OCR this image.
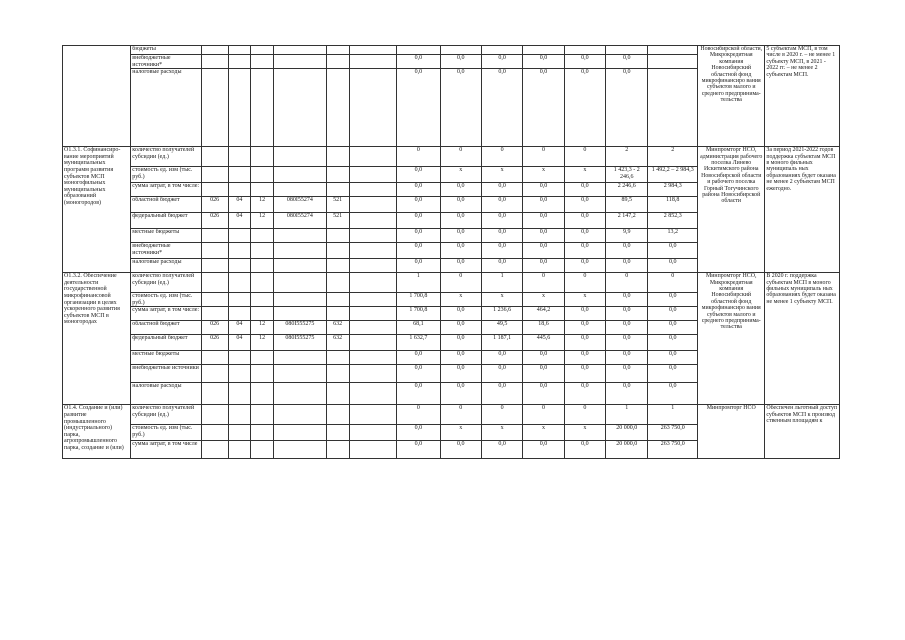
	бюджеты														Новосибирской области, Микрокредитная компания Новосибирский областной фонд микрофинансиро вания субъектов малого и среднего предпринима- тельства	5 субъектам МСП, в том числе в 2020 г. – не менее 1 субъекту МСП, в 2021 - 2022 гг. – не менее 2 субъектам МСП.
	внебюджетные источники*							0,0	0,0	0,0	0,0	0,0	0,0			
	налоговые расходы							0,0	0,0	0,0	0,0	0,0	0,0			
О1.3.1. Софинансиро- вание мероприятий муниципальных программ развития субъектов МСП моногофильных муниципальных образований (моногородов)	количество получателей субсидии (ед.)							0	0	0	0	0	2	2	Минпромторг НСО, администрация рабочего поселка Линево Искитимского района Новосибирской области и рабочего поселка Горный Тогучинского района Новосибирской области	За период 2021-2022 годов поддержка субъектам МСП в моного фильных муниципаль ных образованиях будет оказана не менее 2 субъектам МСП ежегодно.
	стоимость ед. изм (тыс. руб.)							0,0	x	x	x	x	1 423,3 - 2 246,6	1 492,2 – 2 984,3		
	сумма затрат, в том числе:							0,0	0,0	0,0	0,0	0,0	2 246,6	2 984,3		
	областной бюджет	026	04	12	080I55274	521		0,0	0,0	0,0	0,0	0,0	89,5	118,8		
	федеральный бюджет	026	04	12	080I55274	521		0,0	0,0	0,0	0,0	0,0	2 147,2	2 852,3		
	местные бюджеты							0,0	0,0	0,0	0,0	0,0	9,9	13,2		
	внебюджетные источники*							0,0	0,0	0,0	0,0	0,0	0,0	0,0		
	налоговые расходы							0,0	0,0	0,0	0,0	0,0	0,0	0,0		
О1.3.2. Обеспечение деятельности государственной микрофинансовой организации в целях ускоренного развития субъектов МСП в моногородах	количество получателей субсидии (ед.)							1	0	1	0	0	0	0	Минпромторг НСО, Микрокредитная компания Новосибирский областной фонд микрофинансиро вания субъектов малого и среднего предпринима- тельства	В 2020 г. поддержка субъектам МСП в моного фильных муниципаль ных образованиях будет оказана не менее 1 субъекту МСП.
	стоимость ед. изм (тыс. руб.)							1 700,8	x	x	x	x	0,0	0,0		
	сумма затрат, в том числе:							1 700,8	0,0	1 236,6	464,2	0,0	0,0	0,0		
	областной бюджет	026	04	12	080I555275	632		68,1	0,0	49,5	18,6	0,0	0,0	0,0		
	федеральный бюджет	026	04	12	080I555275	632		1 632,7	0,0	1 187,1	445,6	0,0	0,0	0,0		
	местные бюджеты							0,0	0,0	0,0	0,0	0,0	0,0	0,0		
	внебюджетные источники							0,0	0,0	0,0	0,0	0,0	0,0	0,0		
	налоговые расходы							0,0	0,0	0,0	0,0	0,0	0,0	0,0		
О1.4. Создание и (или) развитие промышленного (индустриального) парка, агропромышленного парка, создание и (или)	количество получателей субсидии (ед.)							0	0	0	0	0	1	1	Минпромторг НСО	Обеспечен льготный доступ субъектов МСП к производ ственным площадям к
	стоимость ед. изм (тыс. руб.)							0,0	x	x	x	x	20 000,0	263 750,0		
	сумма затрат, в том числе							0,0	0,0	0,0	0,0	0,0	20 000,0	263 750,0		
